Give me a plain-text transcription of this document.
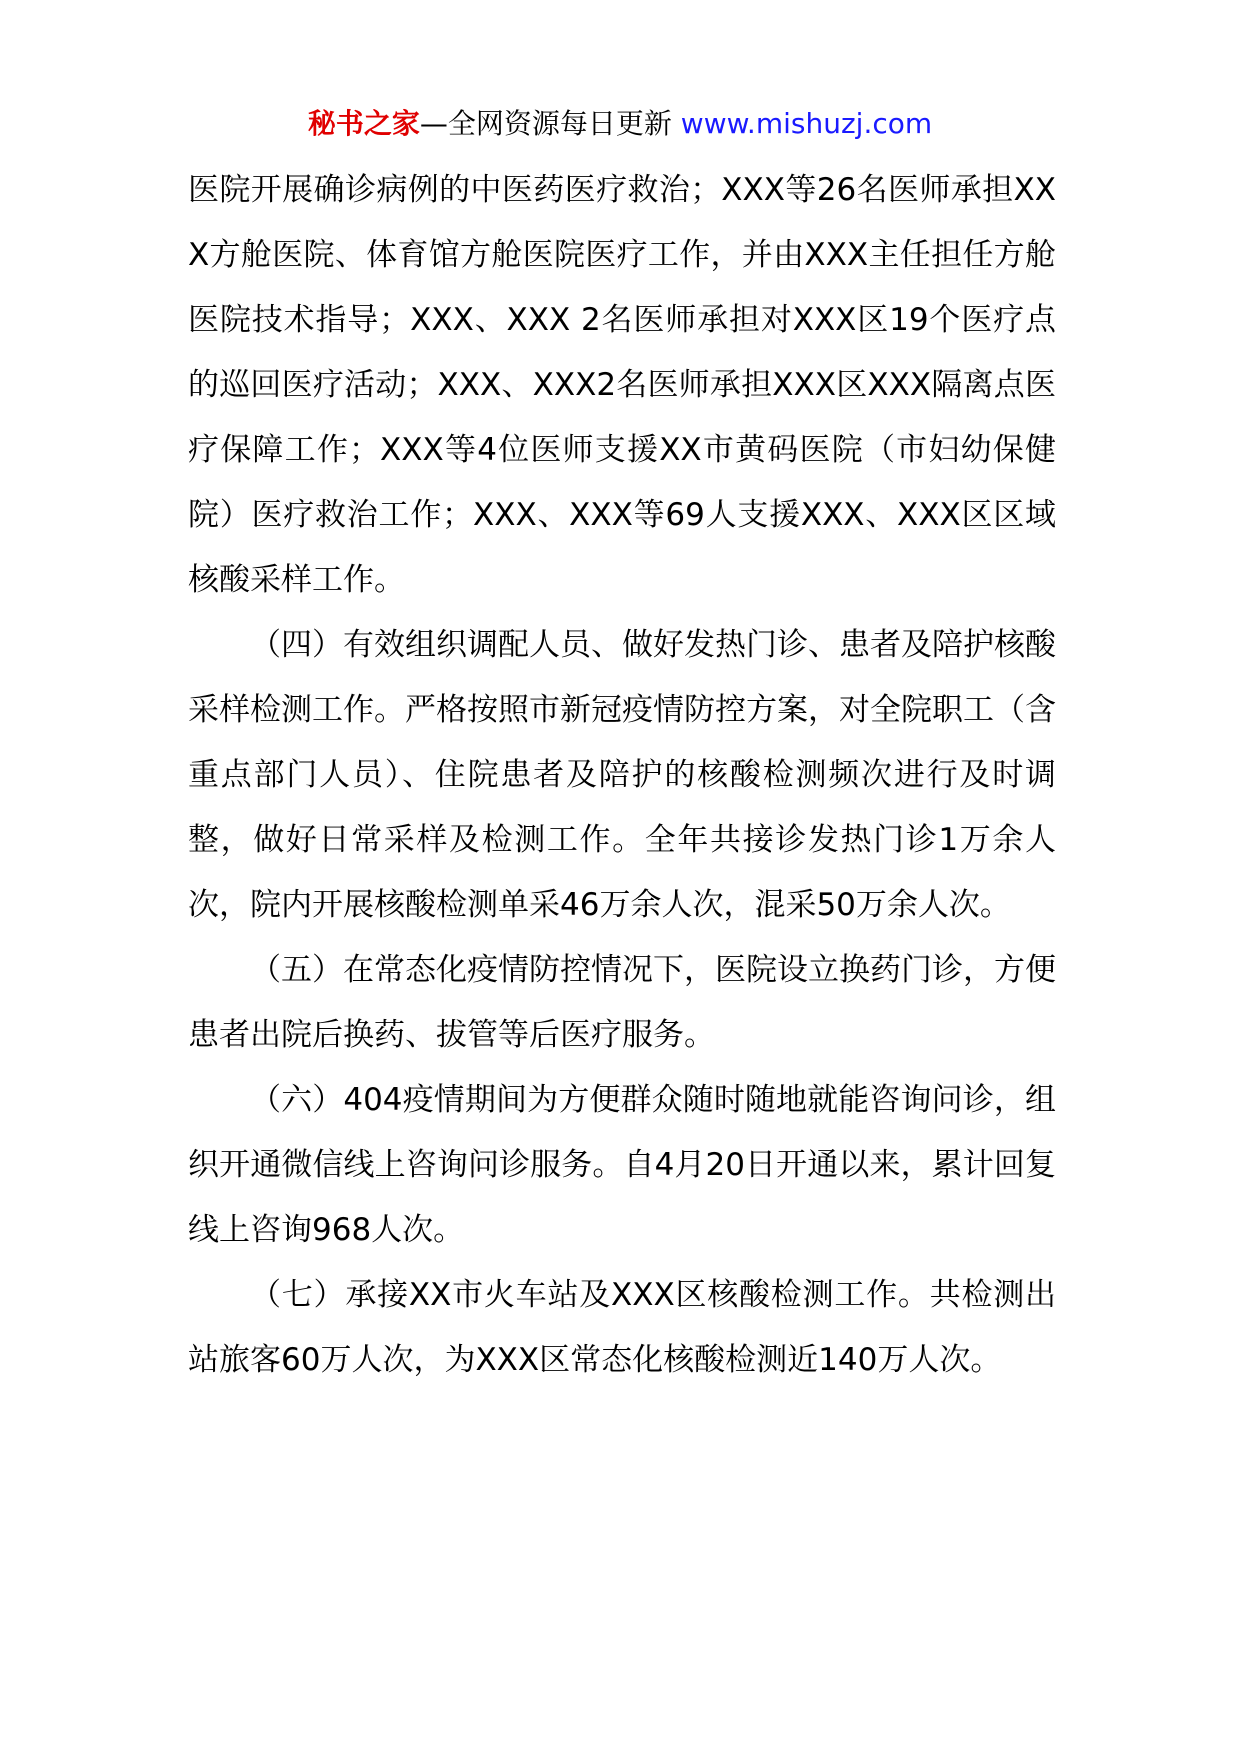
秘书之家—全网资源每日更新 www.mishuzj.com

医院开展确诊病例的中医药医疗救治；XXX等26名医师承担XXX方舱医院、体育馆方舱医院医疗工作，并由XXX主任担任方舱医院技术指导；XXX、XXX 2名医师承担对XXX区19个医疗点的巡回医疗活动；XXX、XXX2名医师承担XXX区XXX隔离点医疗保障工作；XXX等4位医师支援XX市黄码医院（市妇幼保健院）医疗救治工作；XXX、XXX等69人支援XXX、XXX区区域核酸采样工作。

（四）有效组织调配人员、做好发热门诊、患者及陪护核酸采样检测工作。严格按照市新冠疫情防控方案，对全院职工（含重点部门人员）、住院患者及陪护的核酸检测频次进行及时调整，做好日常采样及检测工作。全年共接诊发热门诊1万余人次，院内开展核酸检测单采46万余人次，混采50万余人次。

（五）在常态化疫情防控情况下，医院设立换药门诊，方便患者出院后换药、拔管等后医疗服务。

（六）404疫情期间为方便群众随时随地就能咨询问诊，组织开通微信线上咨询问诊服务。自4月20日开通以来，累计回复线上咨询968人次。

（七）承接XX市火车站及XXX区核酸检测工作。共检测出站旅客60万人次，为XXX区常态化核酸检测近140万人次。
